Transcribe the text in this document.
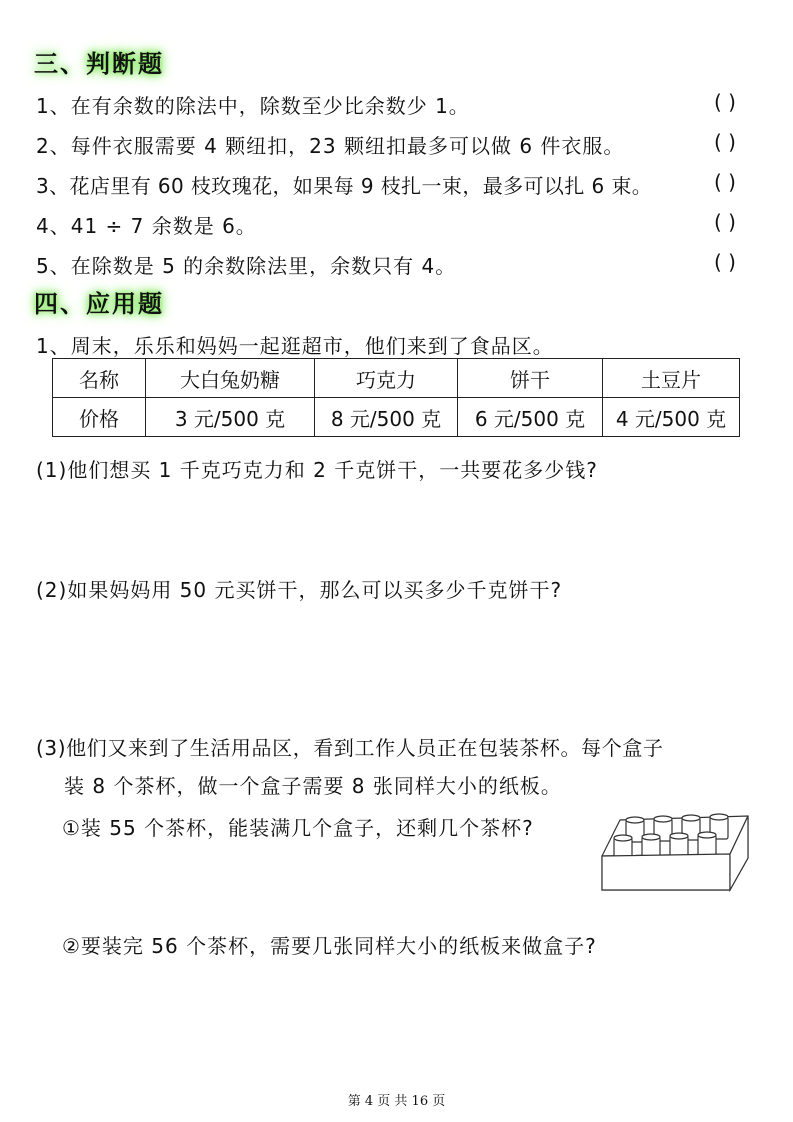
三、判断题
1、在有余数的除法中，除数至少比余数少 1。	( )
2、每件衣服需要 4 颗纽扣，23 颗纽扣最多可以做 6 件衣服。	( )
3、花店里有 60 枝玫瑰花，如果每 9 枝扎一束，最多可以扎 6 束。	( )
4、41 ÷ 7 余数是 6。	( )
5、在除数是 5 的余数除法里，余数只有 4。	( )
四、应用题
1、周末，乐乐和妈妈一起逛超市，他们来到了食品区。
名称	大白兔奶糖	巧克力	饼干	土豆片
价格	3 元/500 克	8 元/500 克	6 元/500 克	4 元/500 克
(1)他们想买 1 千克巧克力和 2 千克饼干，一共要花多少钱?
(2)如果妈妈用 50 元买饼干，那么可以买多少千克饼干?
(3)他们又来到了生活用品区，看到工作人员正在包装茶杯。每个盒子
装 8 个茶杯，做一个盒子需要 8 张同样大小的纸板。
①装 55 个茶杯，能装满几个盒子，还剩几个茶杯?
②要装完 56 个茶杯，需要几张同样大小的纸板来做盒子?
第 4 页 共 16 页
